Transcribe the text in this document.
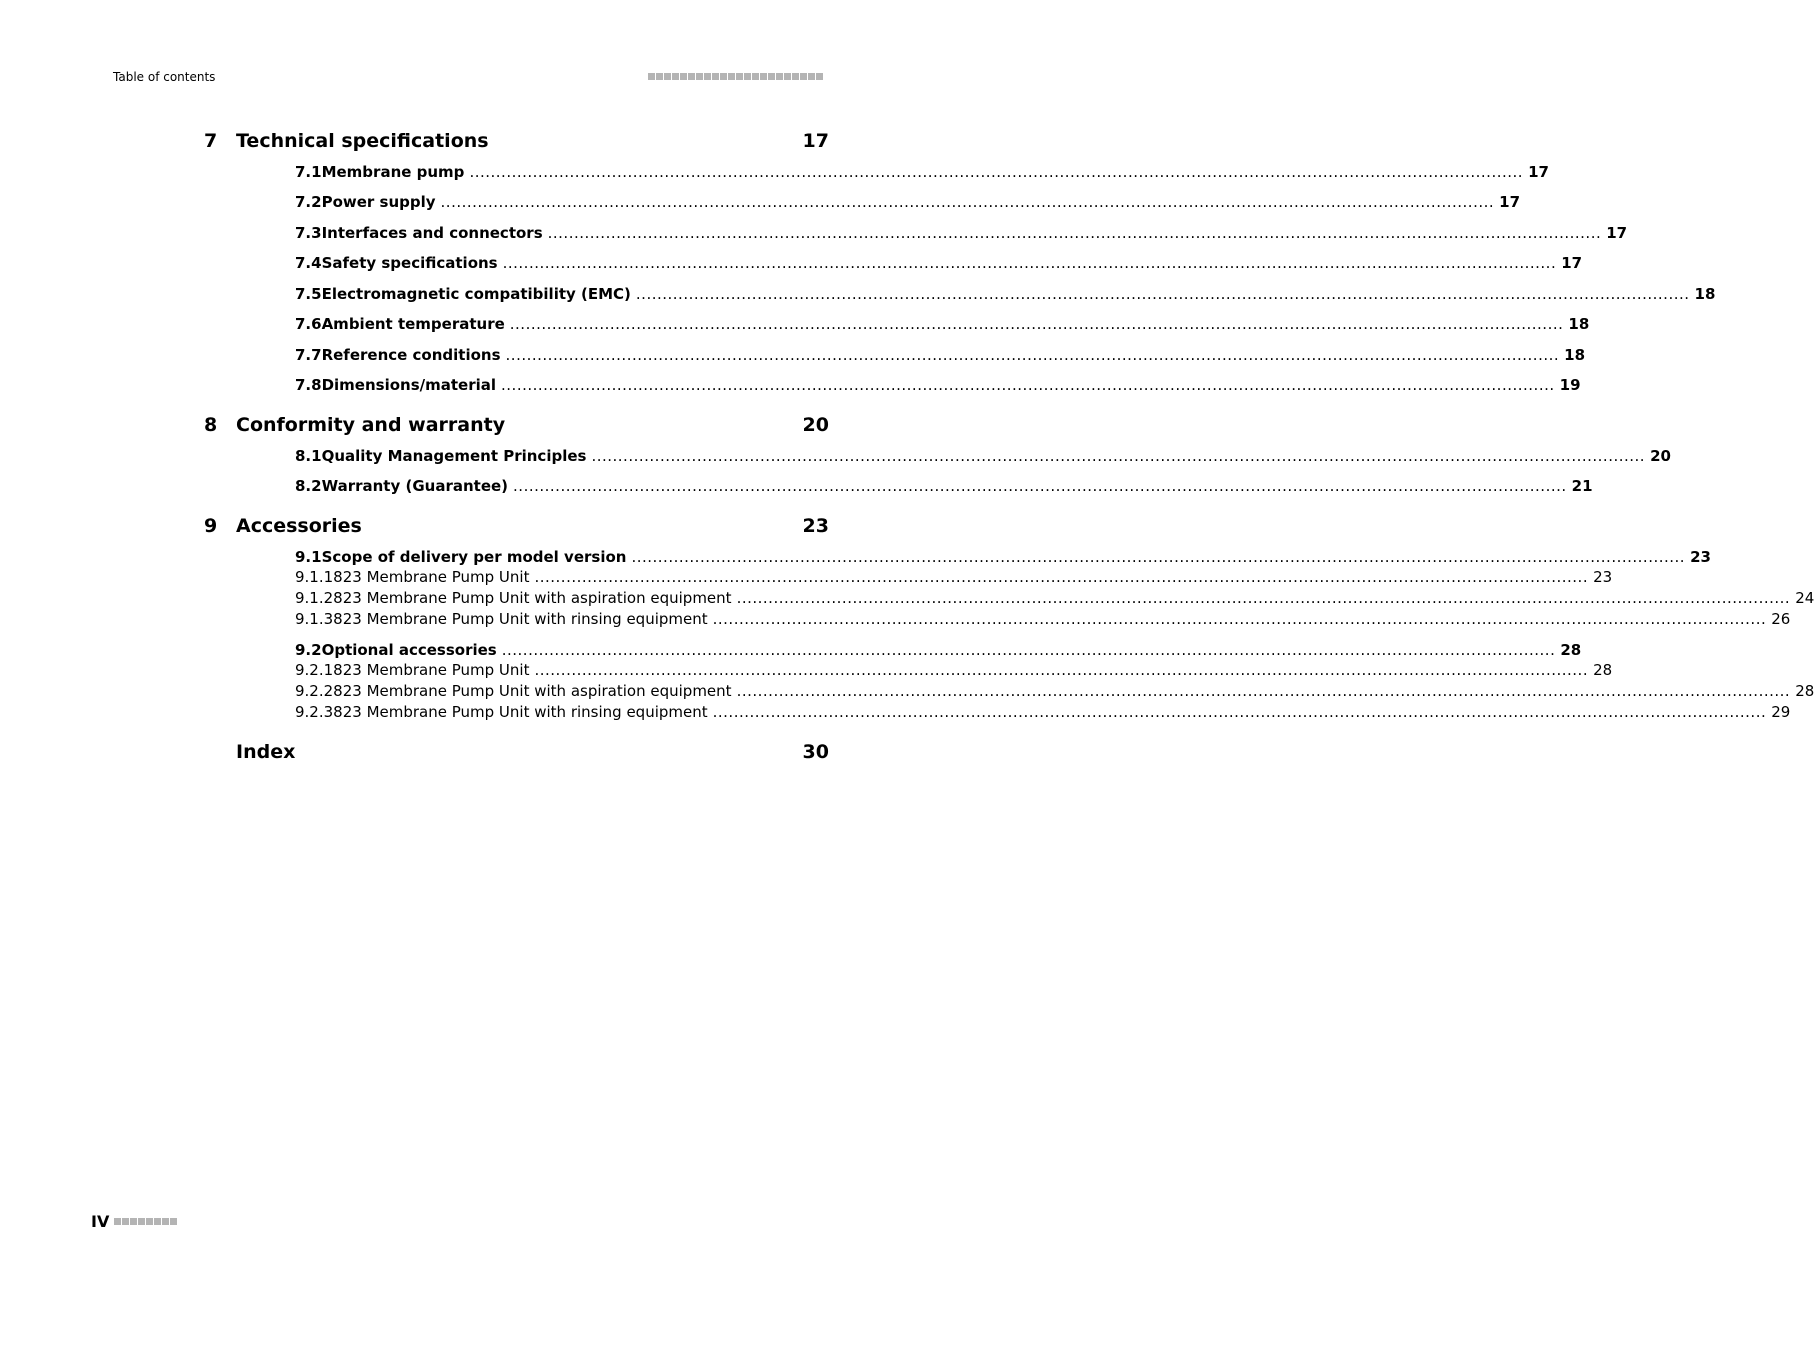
Table of contents
7 Technical specifications	17
7.1 Membrane pump ........................................................................................................................................................................................................ 17
7.2 Power supply ........................................................................................................................................................................................................ 17
7.3 Interfaces and connectors ........................................................................................................................................................................................................ 17
7.4 Safety specifications ........................................................................................................................................................................................................ 17
7.5 Electromagnetic compatibility (EMC) ........................................................................................................................................................................................................ 18
7.6 Ambient temperature ........................................................................................................................................................................................................ 18
7.7 Reference conditions ........................................................................................................................................................................................................ 18
7.8 Dimensions/material ........................................................................................................................................................................................................ 19
8 Conformity and warranty	20
8.1 Quality Management Principles ........................................................................................................................................................................................................ 20
8.2 Warranty (Guarantee) ........................................................................................................................................................................................................ 21
9 Accessories	23
9.1 Scope of delivery per model version ........................................................................................................................................................................................................ 23
9.1.1 823 Membrane Pump Unit ........................................................................................................................................................................................................ 23
9.1.2 823 Membrane Pump Unit with aspiration equipment ........................................................................................................................................................................................................ 24
9.1.3 823 Membrane Pump Unit with rinsing equipment ........................................................................................................................................................................................................ 26
9.2 Optional accessories ........................................................................................................................................................................................................ 28
9.2.1 823 Membrane Pump Unit ........................................................................................................................................................................................................ 28
9.2.2 823 Membrane Pump Unit with aspiration equipment ........................................................................................................................................................................................................ 28
9.2.3 823 Membrane Pump Unit with rinsing equipment ........................................................................................................................................................................................................ 29
Index	30
IV
